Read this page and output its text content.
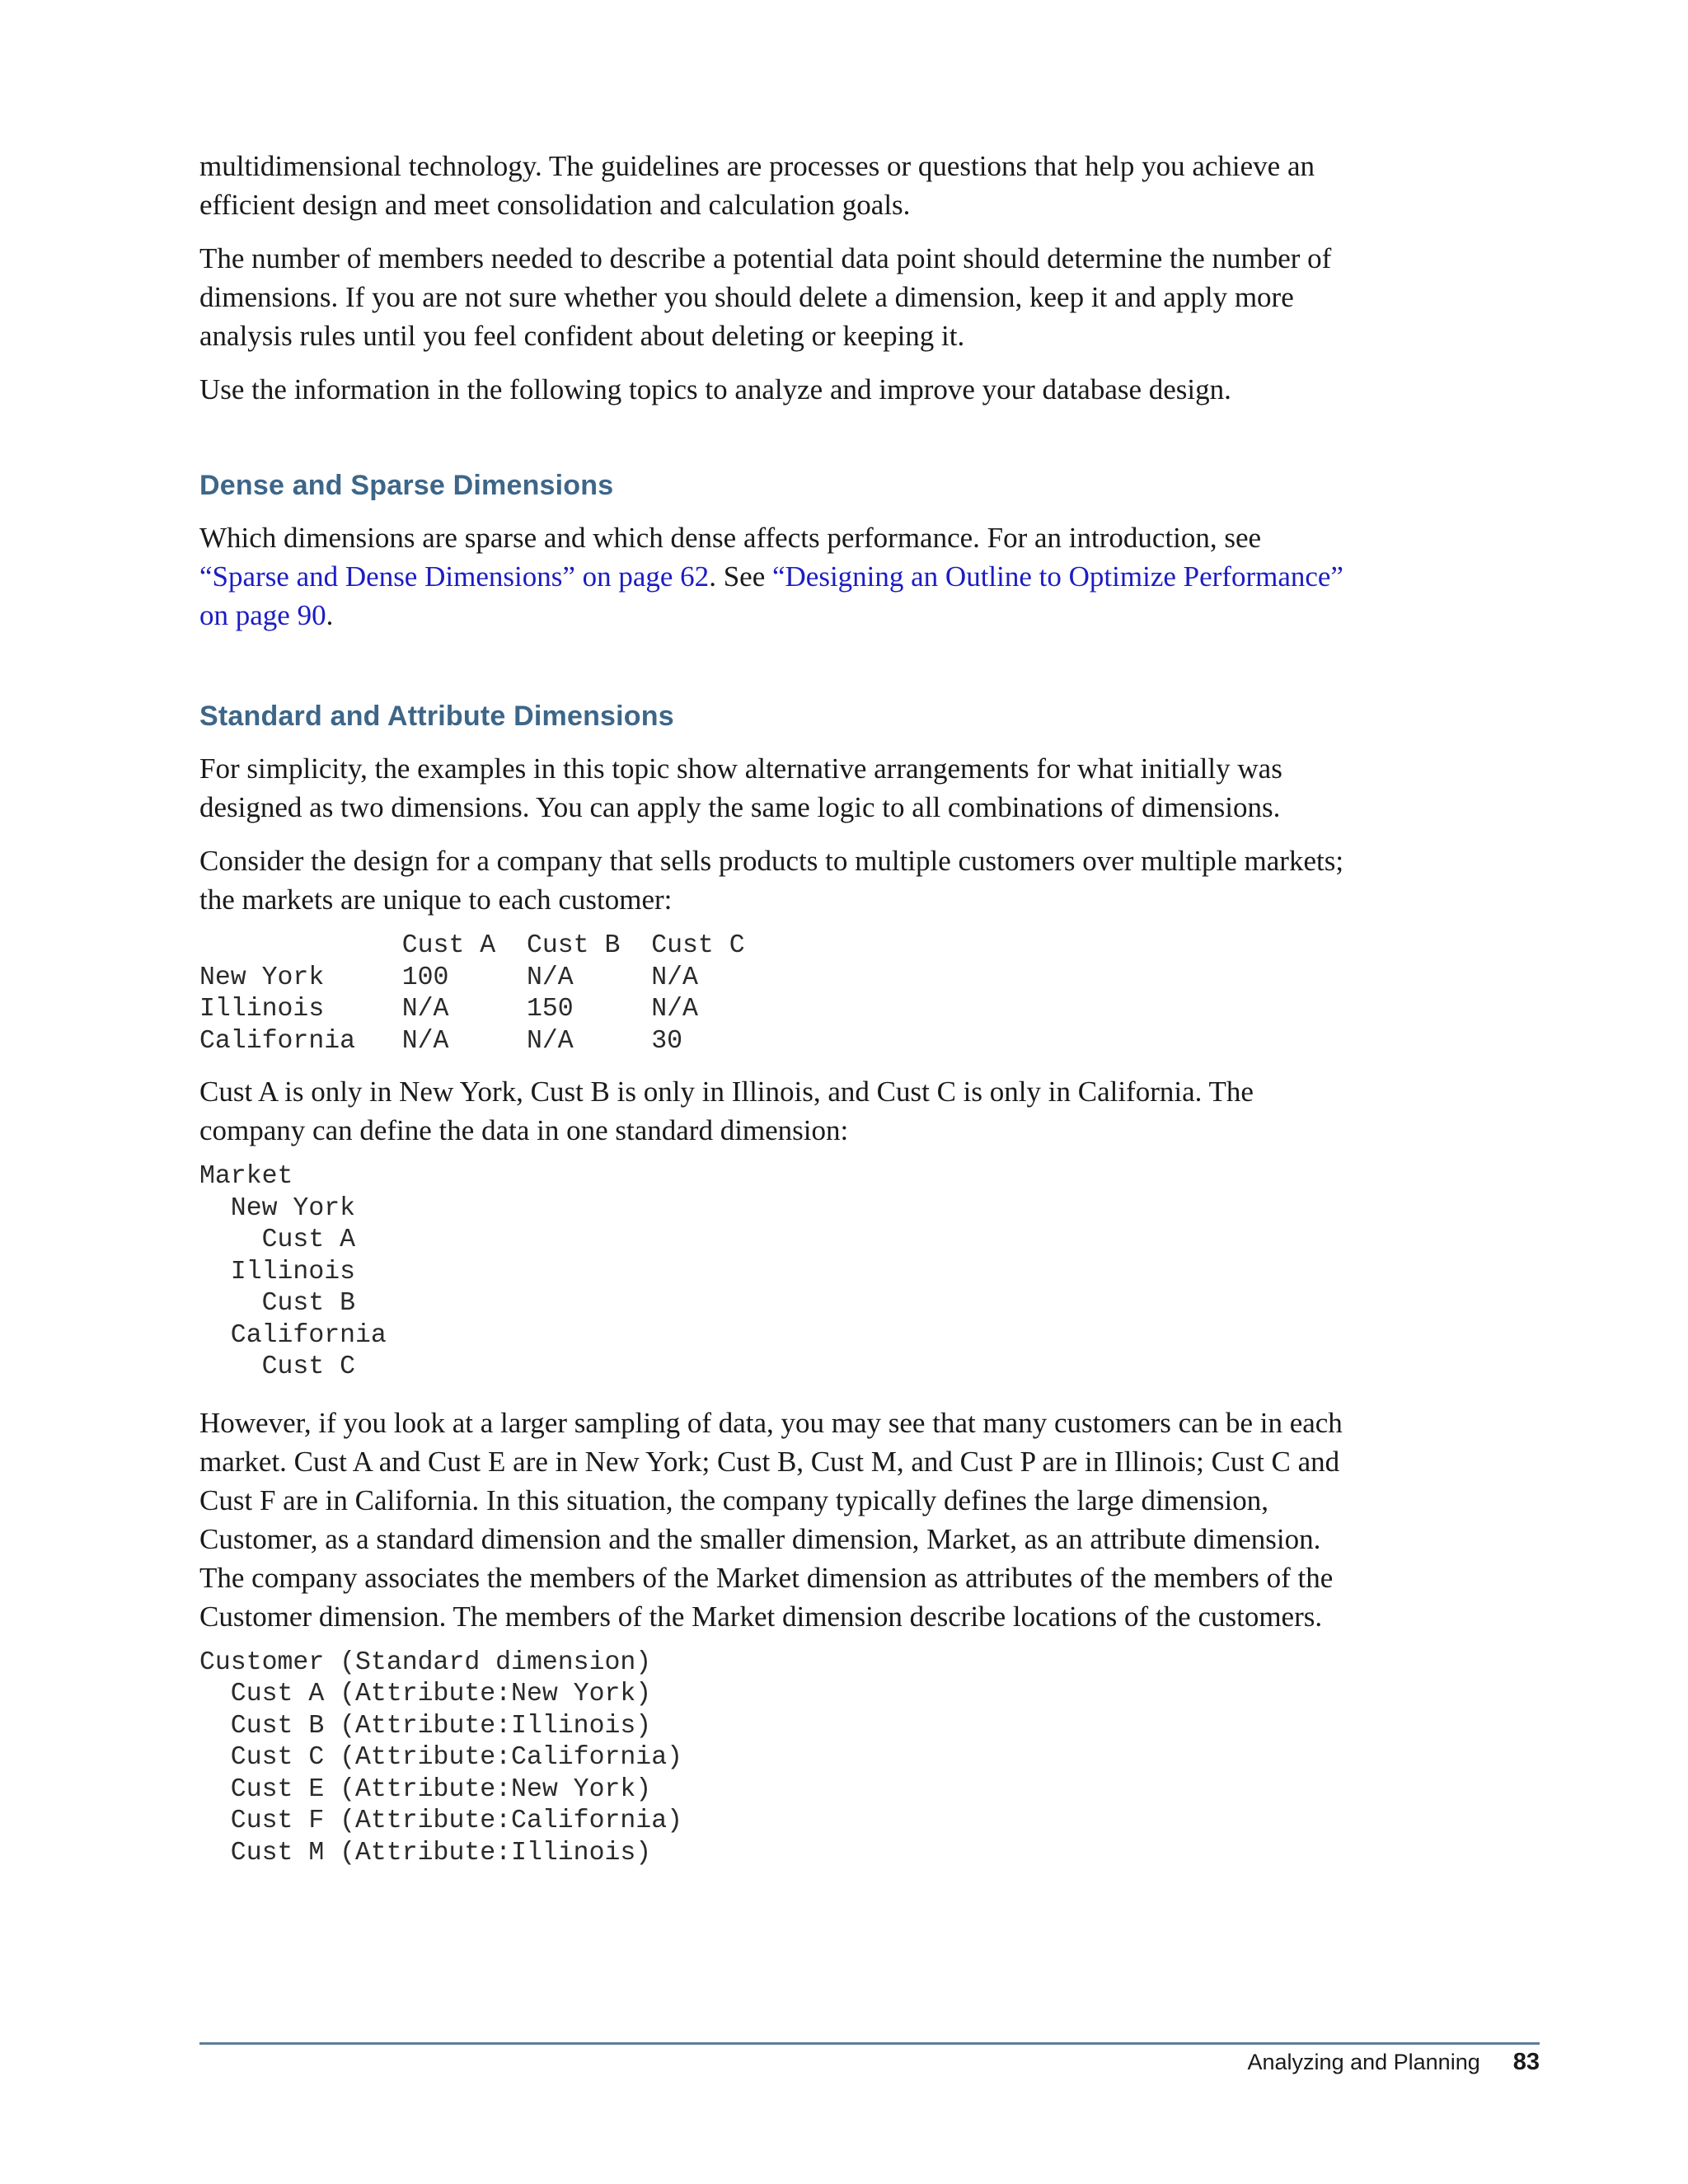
multidimensional technology. The guidelines are processes or questions that help you achieve an efficient design and meet consolidation and calculation goals.

The number of members needed to describe a potential data point should determine the number of dimensions. If you are not sure whether you should delete a dimension, keep it and apply more analysis rules until you feel confident about deleting or keeping it.

Use the information in the following topics to analyze and improve your database design.

Dense and Sparse Dimensions

Which dimensions are sparse and which dense affects performance. For an introduction, see “Sparse and Dense Dimensions” on page 62. See “Designing an Outline to Optimize Performance” on page 90.

Standard and Attribute Dimensions

For simplicity, the examples in this topic show alternative arrangements for what initially was designed as two dimensions. You can apply the same logic to all combinations of dimensions.

Consider the design for a company that sells products to multiple customers over multiple markets; the markets are unique to each customer:

Cust A  Cust B  Cust C
New York     100     N/A     N/A
Illinois     N/A     150     N/A
California   N/A     N/A     30

Cust A is only in New York, Cust B is only in Illinois, and Cust C is only in California. The company can define the data in one standard dimension:

Market
New York
Cust A
Illinois
Cust B
California
Cust C

However, if you look at a larger sampling of data, you may see that many customers can be in each market. Cust A and Cust E are in New York; Cust B, Cust M, and Cust P are in Illinois; Cust C and Cust F are in California. In this situation, the company typically defines the large dimension, Customer, as a standard dimension and the smaller dimension, Market, as an attribute dimension. The company associates the members of the Market dimension as attributes of the members of the Customer dimension. The members of the Market dimension describe locations of the customers.

Customer (Standard dimension)
Cust A (Attribute:New York)
Cust B (Attribute:Illinois)
Cust C (Attribute:California)
Cust E (Attribute:New York)
Cust F (Attribute:California)
Cust M (Attribute:Illinois)
Analyzing and Planning 83
